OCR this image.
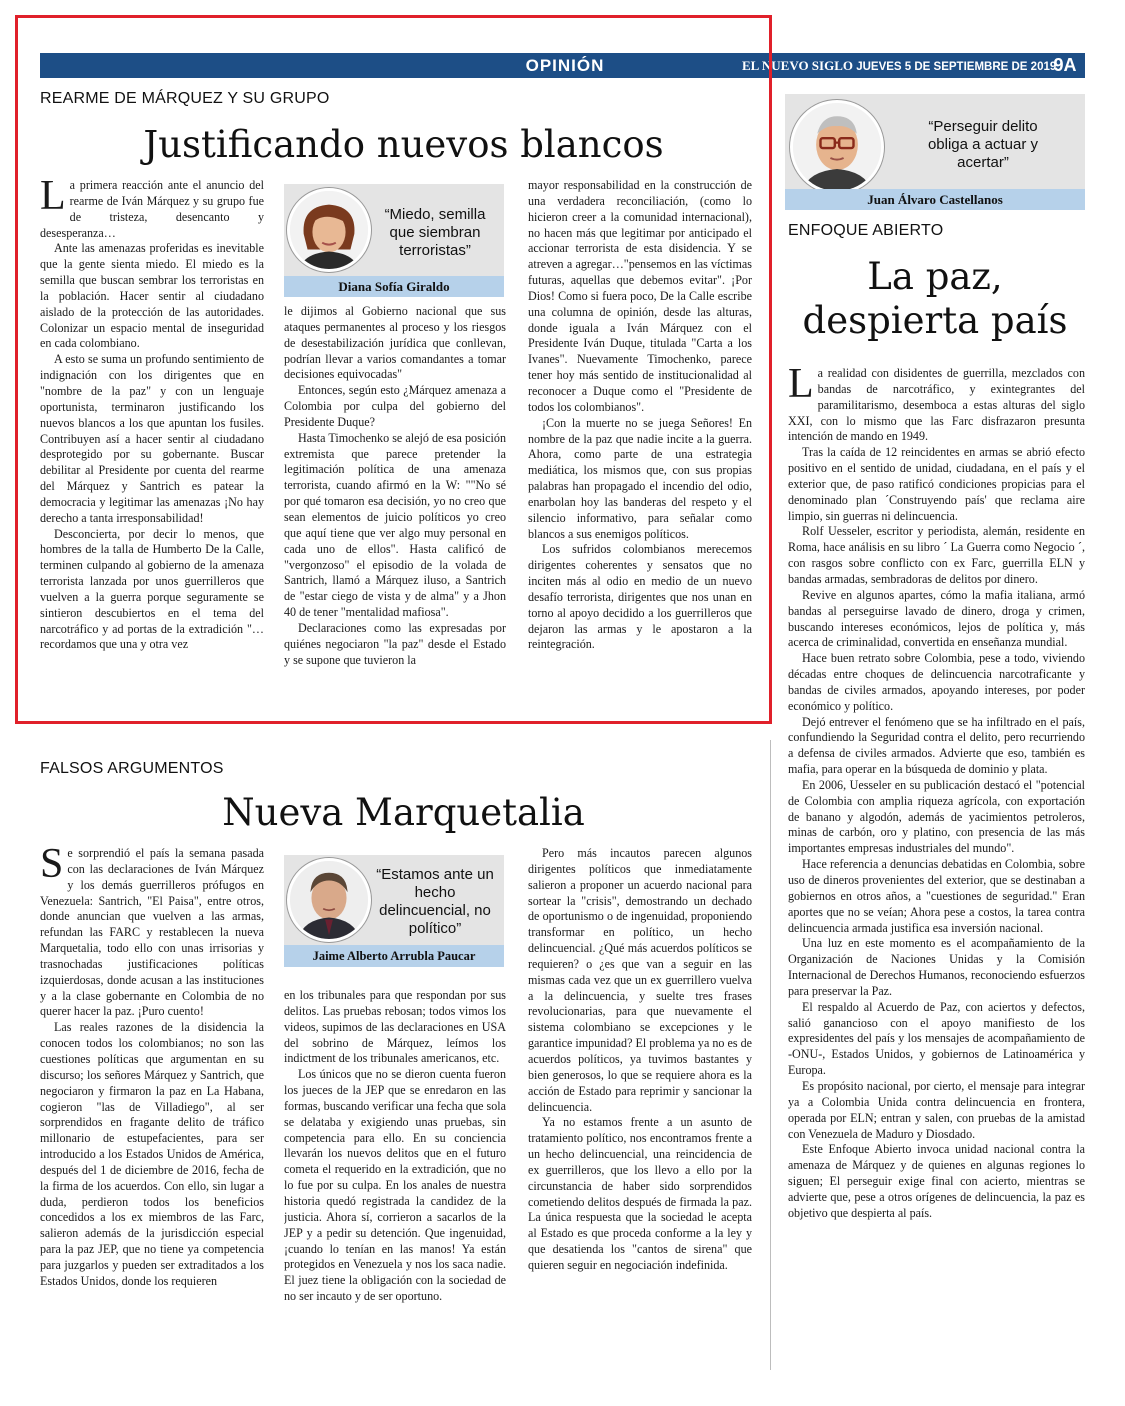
OPINIÓN	EL NUEVO SIGLO JUEVES 5 DE SEPTIEMBRE DE 2019
9A
REARME DE MÁRQUEZ Y SU GRUPO
Justificando nuevos blancos

La primera reacción ante el anuncio del rearme de Iván Márquez y su grupo fue de tristeza, desencanto y desesperanza…

Ante las amenazas proferidas es inevitable que la gente sienta miedo. El miedo es la semilla que buscan sembrar los terroristas en la población. Hacer sentir al ciudadano aislado de la protección de las autoridades. Colonizar un espacio mental de inseguridad en cada colombiano.

A esto se suma un profundo sentimiento de indignación con los dirigentes que en "nombre de la paz" y con un lenguaje oportunista, terminaron justificando los nuevos blancos a los que apuntan los fusiles. Contribuyen así a hacer sentir al ciudadano desprotegido por su gobernante. Buscar debilitar al Presidente por cuenta del rearme del Márquez y Santrich es patear la democracia y legitimar las amenazas ¡No hay derecho a tanta irresponsabilidad!

Desconcierta, por decir lo menos, que hombres de la talla de Humberto De la Calle, terminen culpando al gobierno de la amenaza terrorista lanzada por unos guerrilleros que vuelven a la guerra porque seguramente se sintieron descubiertos en el tema del narcotráfico y ad portas de la extradición "…recordamos que una y otra vez

“Miedo, semilla que siembran terroristas”
Diana Sofía Giraldo

le dijimos al Gobierno nacional que sus ataques permanentes al proceso y los riesgos de desestabilización jurídica que conllevan, podrían llevar a varios comandantes a tomar decisiones equivocadas"

Entonces, según esto ¿Márquez amenaza a Colombia por culpa del gobierno del Presidente Duque?

Hasta Timochenko se alejó de esa posición extremista que parece pretender la legitimación política de una amenaza terrorista, cuando afirmó en la W: ""No sé por qué tomaron esa decisión, yo no creo que sean elementos de juicio políticos yo creo que aquí tiene que ver algo muy personal en cada uno de ellos". Hasta calificó de "vergonzoso" el episodio de la volada de Santrich, llamó a Márquez iluso, a Santrich de "estar ciego de vista y de alma" y a Jhon 40 de tener "mentalidad mafiosa".

Declaraciones como las expresadas por quiénes negociaron "la paz" desde el Estado y se supone que tuvieron la

mayor responsabilidad en la construcción de una verdadera reconciliación, (como lo hicieron creer a la comunidad internacional), no hacen más que legitimar por anticipado el accionar terrorista de esta disidencia. Y se atreven a agregar…"pensemos en las víctimas futuras, aquellas que debemos evitar". ¡Por Dios! Como si fuera poco, De la Calle escribe una columna de opinión, desde las alturas, donde iguala a Iván Márquez con el Presidente Iván Duque, titulada "Carta a los Ivanes". Nuevamente Timochenko, parece tener hoy más sentido de institucionalidad al reconocer a Duque como el "Presidente de todos los colombianos".

¡Con la muerte no se juega Señores! En nombre de la paz que nadie incite a la guerra. Ahora, como parte de una estrategia mediática, los mismos que, con sus propias palabras han propagado el incendio del odio, enarbolan hoy las banderas del respeto y el silencio informativo, para señalar como blancos a sus enemigos políticos.

Los sufridos colombianos merecemos dirigentes coherentes y sensatos que no inciten más al odio en medio de un nuevo desafío terrorista, dirigentes que nos unan en torno al apoyo decidido a los guerrilleros que dejaron las armas y le apostaron a la reintegración.

“Perseguir delito obliga a actuar y acertar”
Juan Álvaro Castellanos
ENFOQUE ABIERTO
La paz,
despierta país

La realidad con disidentes de guerrilla, mezclados con bandas de narcotráfico, y exintegrantes del paramilitarismo, desemboca a estas alturas del siglo XXI, con lo mismo que las Farc disfrazaron presunta intención de mando en 1949.

Tras la caída de 12 reincidentes en armas se abrió efecto positivo en el sentido de unidad, ciudadana, en el país y el exterior que, de paso ratificó condiciones propicias para el denominado plan ´Construyendo país' que reclama aire limpio, sin guerras ni delincuencia.

Rolf Uesseler, escritor y periodista, alemán, residente en Roma, hace análisis en su libro ´ La Guerra como Negocio ´, con rasgos sobre conflicto con ex Farc, guerrilla ELN y bandas armadas, sembradoras de delitos por dinero.

Revive en algunos apartes, cómo la mafia italiana, armó bandas al perseguirse lavado de dinero, droga y crimen, buscando intereses económicos, lejos de política y, más acerca de criminalidad, convertida en enseñanza mundial.

Hace buen retrato sobre Colombia, pese a todo, viviendo décadas entre choques de delincuencia narcotraficante y bandas de civiles armados, apoyando intereses, por poder económico y político.

Dejó entrever el fenómeno que se ha infiltrado en el país, confundiendo la Seguridad contra el delito, pero recurriendo a defensa de civiles armados. Advierte que eso, también es mafia, para operar en la búsqueda de dominio y plata.

En 2006, Uesseler en su publicación destacó el "potencial de Colombia con amplia riqueza agrícola, con exportación de banano y algodón, además de yacimientos petroleros, minas de carbón, oro y platino, con presencia de las más importantes empresas industriales del mundo".

Hace referencia a denuncias debatidas en Colombia, sobre uso de dineros provenientes del exterior, que se destinaban a gobiernos en otros años, a "cuestiones de seguridad." Eran aportes que no se veían; Ahora pese a costos, la tarea contra delincuencia armada justifica esa inversión nacional.

Una luz en este momento es el acompañamiento de la Organización de Naciones Unidas y la Comisión Internacional de Derechos Humanos, reconociendo esfuerzos para preservar la Paz.

El respaldo al Acuerdo de Paz, con aciertos y defectos, salió ganancioso con el apoyo manifiesto de los expresidentes del país y los mensajes de acompañamiento de -ONU-, Estados Unidos, y gobiernos de Latinoamérica y Europa.

Es propósito nacional, por cierto, el mensaje para integrar ya a Colombia Unida contra delincuencia en frontera, operada por ELN; entran y salen, con pruebas de la amistad con Venezuela de Maduro y Diosdado.

Este Enfoque Abierto invoca unidad nacional contra la amenaza de Márquez y de quienes en algunas regiones lo siguen; El perseguir exige final con acierto, mientras se advierte que, pese a otros orígenes de delincuencia, la paz es objetivo que despierta al país.

FALSOS ARGUMENTOS
Nueva Marquetalia

Se sorprendió el país la semana pasada con las declaraciones de Iván Márquez y los demás guerrilleros prófugos en Venezuela: Santrich, "El Paisa", entre otros, donde anuncian que vuelven a las armas, refundan las FARC y restablecen la nueva Marquetalia, todo ello con unas irrisorias y trasnochadas justificaciones políticas izquierdosas, donde acusan a las instituciones y a la clase gobernante en Colombia de no querer hacer la paz. ¡Puro cuento!

Las reales razones de la disidencia la conocen todos los colombianos; no son las cuestiones políticas que argumentan en su discurso; los señores Márquez y Santrich, que negociaron y firmaron la paz en La Habana, cogieron "las de Villadiego", al ser sorprendidos en fragante delito de tráfico millonario de estupefacientes, para ser introducido a los Estados Unidos de América, después del 1 de diciembre de 2016, fecha de la firma de los acuerdos. Con ello, sin lugar a duda, perdieron todos los beneficios concedidos a los ex miembros de las Farc, salieron además de la jurisdicción especial para la paz JEP, que no tiene ya competencia para juzgarlos y pueden ser extraditados a los Estados Unidos, donde los requieren

“Estamos ante un hecho delincuencial, no político”
Jaime Alberto Arrubla Paucar

en los tribunales para que respondan por sus delitos. Las pruebas rebosan; todos vimos los videos, supimos de las declaraciones en USA del sobrino de Márquez, leímos los indictment de los tribunales americanos, etc.

Los únicos que no se dieron cuenta fueron los jueces de la JEP que se enredaron en las formas, buscando verificar una fecha que sola se delataba y exigiendo unas pruebas, sin competencia para ello. En su conciencia llevarán los nuevos delitos que en el futuro cometa el requerido en la extradición, que no lo fue por su culpa. En los anales de nuestra historia quedó registrada la candidez de la justicia. Ahora sí, corrieron a sacarlos de la JEP y a pedir su detención. Que ingenuidad, ¡cuando lo tenían en las manos! Ya están protegidos en Venezuela y nos los saca nadie. El juez tiene la obligación con la sociedad de no ser incauto y de ser oportuno.

Pero más incautos parecen algunos dirigentes políticos que inmediatamente salieron a proponer un acuerdo nacional para sortear la "crisis", demostrando un dechado de oportunismo o de ingenuidad, proponiendo transformar en político, un hecho delincuencial. ¿Qué más acuerdos políticos se requieren? o ¿es que van a seguir en las mismas cada vez que un ex guerrillero vuelva a la delincuencia, y suelte tres frases revolucionarias, para que nuevamente el sistema colombiano se excepciones y le garantice impunidad? El problema ya no es de acuerdos políticos, ya tuvimos bastantes y bien generosos, lo que se requiere ahora es la acción de Estado para reprimir y sancionar la delincuencia.

Ya no estamos frente a un asunto de tratamiento político, nos encontramos frente a un hecho delincuencial, una reincidencia de ex guerrilleros, que los llevo a ello por la circunstancia de haber sido sorprendidos cometiendo delitos después de firmada la paz. La única respuesta que la sociedad le acepta al Estado es que proceda conforme a la ley y que desatienda los "cantos de sirena" que quieren seguir en negociación indefinida.
